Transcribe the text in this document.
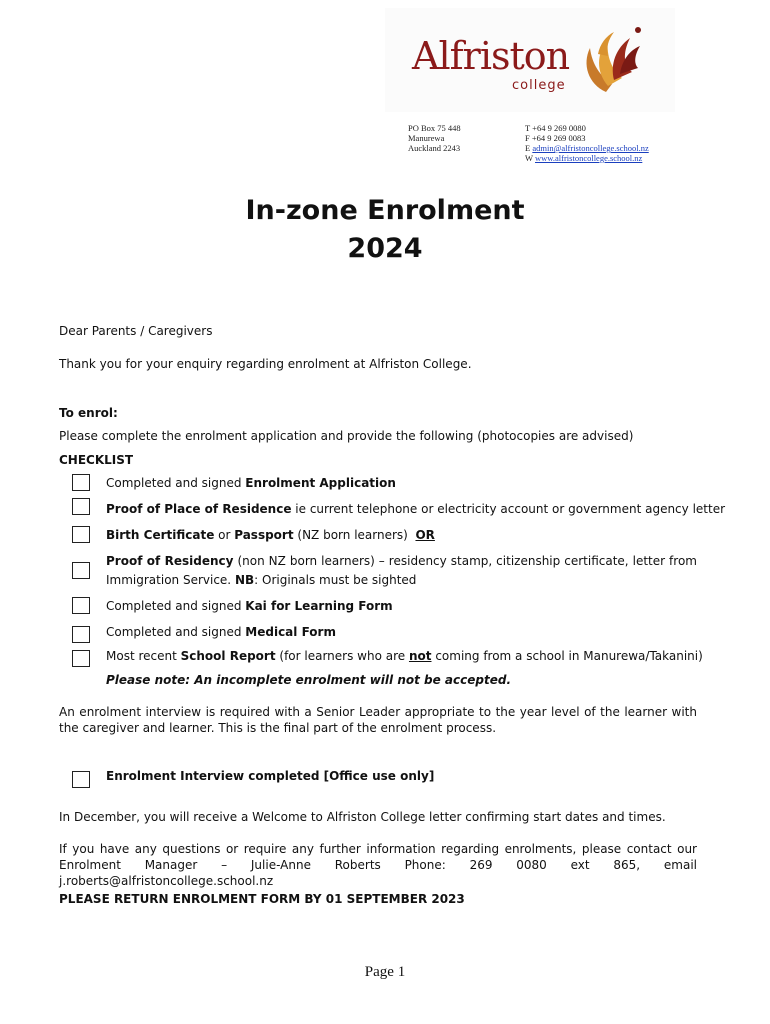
Alfriston
college
PO Box 75 448
Manurewa
Auckland 2243
T +64 9 269 0080
F +64 9 269 0083
E admin@alfristoncollege.school.nz
W www.alfristoncollege.school.nz
In-zone Enrolment
2024
Dear Parents / Caregivers
Thank you for your enquiry regarding enrolment at Alfriston College.
To enrol:
Please complete the enrolment application and provide the following (photocopies are advised)
CHECKLIST
Completed and signed Enrolment Application
Proof of Place of Residence ie current telephone or electricity account or government agency letter
Birth Certificate or Passport (NZ born learners)  OR
Proof of Residency (non NZ born learners) – residency stamp, citizenship certificate, letter from Immigration Service. NB: Originals must be sighted
Completed and signed Kai for Learning Form
Completed and signed Medical Form
Most recent School Report (for learners who are not coming from a school in Manurewa/Takanini)
Please note: An incomplete enrolment will not be accepted.
An enrolment interview is required with a Senior Leader appropriate to the year level of the learner with the caregiver and learner. This is the final part of the enrolment process.
Enrolment Interview completed [Office use only]
In December, you will receive a Welcome to Alfriston College letter confirming start dates and times.
If you have any questions or require any further information regarding enrolments, please contact our Enrolment Manager – Julie-Anne Roberts Phone: 269 0080 ext 865, email j.roberts@alfristoncollege.school.nz
PLEASE RETURN ENROLMENT FORM BY 01 SEPTEMBER 2023
Page 1
